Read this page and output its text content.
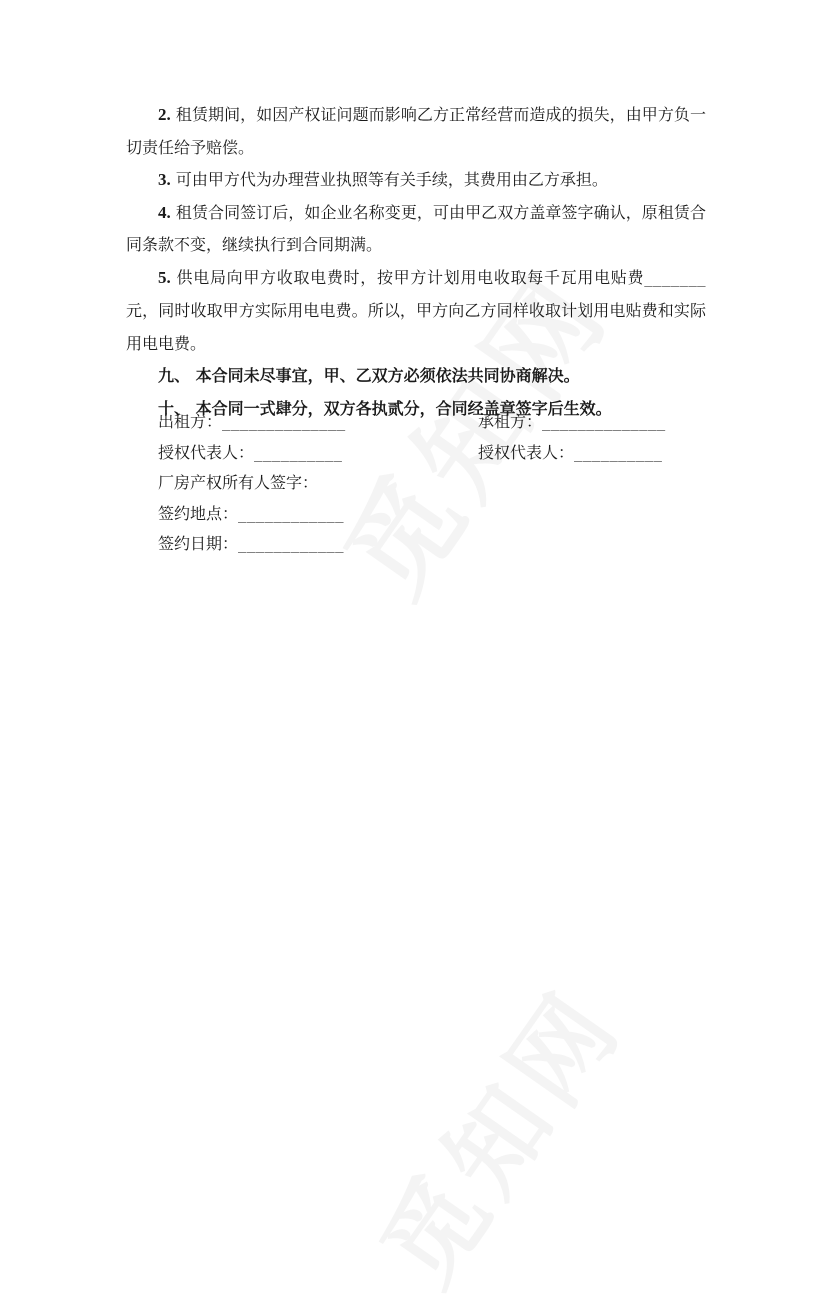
2. 租赁期间，如因产权证问题而影响乙方正常经营而造成的损失，由甲方负一切责任给予赔偿。

3. 可由甲方代为办理营业执照等有关手续，其费用由乙方承担。

4. 租赁合同签订后，如企业名称变更，可由甲乙双方盖章签字确认，原租赁合同条款不变，继续执行到合同期满。

5. 供电局向甲方收取电费时，按甲方计划用电收取每千瓦用电贴费_______元，同时收取甲方实际用电电费。所以，甲方向乙方同样收取计划用电贴费和实际用电电费。

九、 本合同未尽事宜，甲、乙双方必须依法共同协商解决。

十、 本合同一式肆分，双方各执贰分，合同经盖章签字后生效。

出租方：______________	承租方：______________
授权代表人：__________	授权代表人：__________
厂房产权所有人签字：
签约地点：____________
签约日期：____________
